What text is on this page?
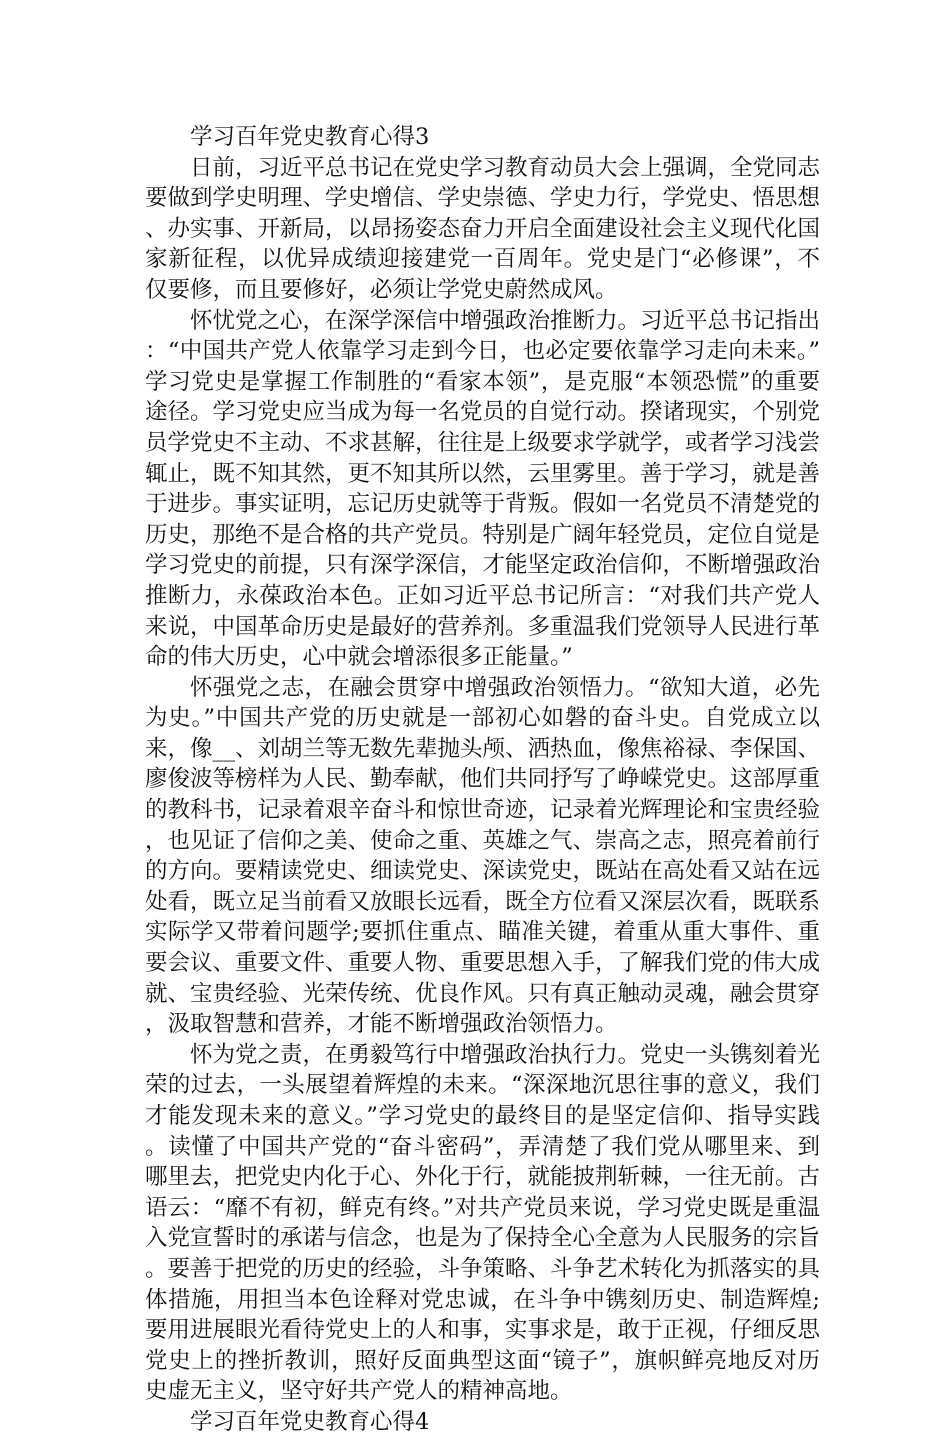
学习百年党史教育心得3

日前，习近平总书记在党史学习教育动员大会上强调，全党同志要做到学史明理、学史增信、学史崇德、学史力行，学党史、悟思想、办实事、开新局，以昂扬姿态奋力开启全面建设社会主义现代化国家新征程，以优异成绩迎接建党一百周年。党史是门“必修课”，不仅要修，而且要修好，必须让学党史蔚然成风。

怀忧党之心，在深学深信中增强政治推断力。习近平总书记指出：“中国共产党人依靠学习走到今日，也必定要依靠学习走向未来。”学习党史是掌握工作制胜的“看家本领”，是克服“本领恐慌”的重要途径。学习党史应当成为每一名党员的自觉行动。揆诸现实，个别党员学党史不主动、不求甚解，往往是上级要求学就学，或者学习浅尝辄止，既不知其然，更不知其所以然，云里雾里。善于学习，就是善于进步。事实证明，忘记历史就等于背叛。假如一名党员不清楚党的历史，那绝不是合格的共产党员。特别是广阔年轻党员，定位自觉是学习党史的前提，只有深学深信，才能坚定政治信仰，不断增强政治推断力，永葆政治本色。正如习近平总书记所言：“对我们共产党人来说，中国革命历史是最好的营养剂。多重温我们党领导人民进行革命的伟大历史，心中就会增添很多正能量。”

怀强党之志，在融会贯穿中增强政治领悟力。“欲知大道，必先为史。”中国共产党的历史就是一部初心如磐的奋斗史。自党成立以来，像__、刘胡兰等无数先辈抛头颅、洒热血，像焦裕禄、李保国、廖俊波等榜样为人民、勤奉献，他们共同抒写了峥嵘党史。这部厚重的教科书，记录着艰辛奋斗和惊世奇迹，记录着光辉理论和宝贵经验，也见证了信仰之美、使命之重、英雄之气、崇高之志，照亮着前行的方向。要精读党史、细读党史、深读党史，既站在高处看又站在远处看，既立足当前看又放眼长远看，既全方位看又深层次看，既联系实际学又带着问题学;要抓住重点、瞄准关键，着重从重大事件、重要会议、重要文件、重要人物、重要思想入手，了解我们党的伟大成就、宝贵经验、光荣传统、优良作风。只有真正触动灵魂，融会贯穿，汲取智慧和营养，才能不断增强政治领悟力。

怀为党之责，在勇毅笃行中增强政治执行力。党史一头镌刻着光荣的过去，一头展望着辉煌的未来。“深深地沉思往事的意义，我们才能发现未来的意义。”学习党史的最终目的是坚定信仰、指导实践。读懂了中国共产党的“奋斗密码”，弄清楚了我们党从哪里来、到哪里去，把党史内化于心、外化于行，就能披荆斩棘，一往无前。古语云：“靡不有初，鲜克有终。”对共产党员来说，学习党史既是重温入党宣誓时的承诺与信念，也是为了保持全心全意为人民服务的宗旨。要善于把党的历史的经验，斗争策略、斗争艺术转化为抓落实的具体措施，用担当本色诠释对党忠诚，在斗争中镌刻历史、制造辉煌;要用进展眼光看待党史上的人和事，实事求是，敢于正视，仔细反思党史上的挫折教训，照好反面典型这面“镜子”，旗帜鲜亮地反对历史虚无主义，坚守好共产党人的精神高地。

学习百年党史教育心得4
